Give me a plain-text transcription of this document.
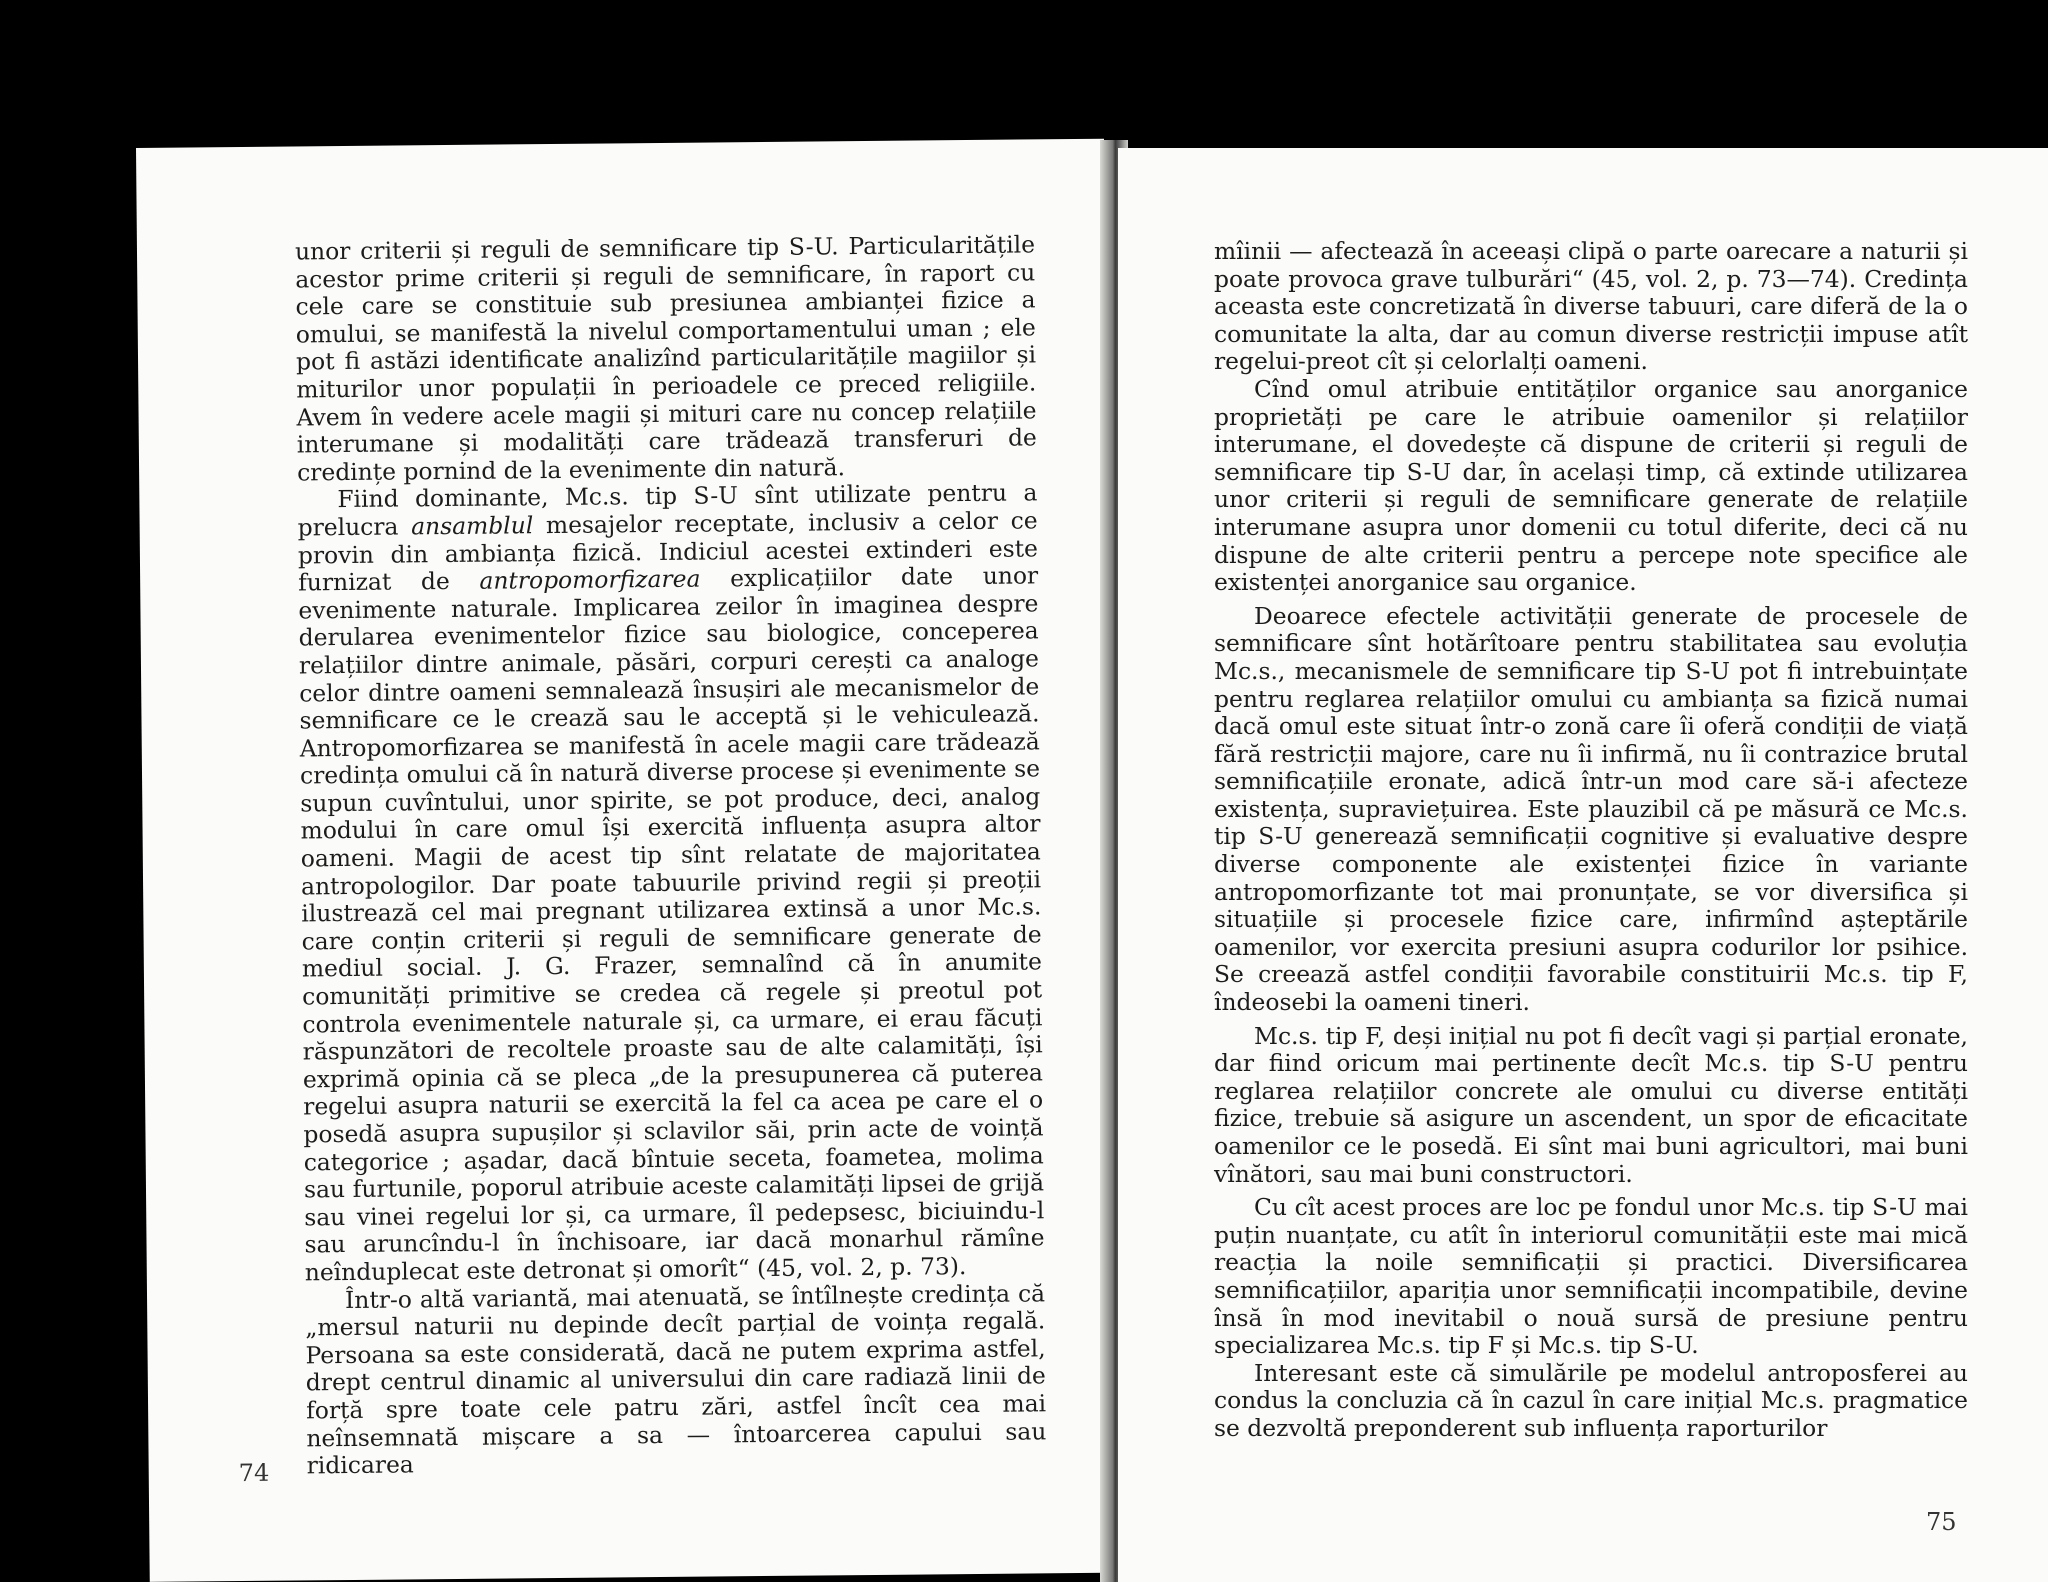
unor criterii și reguli de semnificare tip S-U. Particularitățile acestor prime criterii și reguli de semnificare, în raport cu cele care se constituie sub presiunea ambianței fizice a omului, se manifestă la nivelul comportamentului uman ; ele pot fi astăzi identificate analizînd particularitățile magiilor și miturilor unor populații în perioadele ce preced religiile. Avem în vedere acele magii și mituri care nu concep relațiile interumane și modalități care trădează transferuri de credințe pornind de la evenimente din natură.

Fiind dominante, Mc.s. tip S-U sînt utilizate pentru a prelucra ansamblul mesajelor receptate, inclusiv a celor ce provin din ambianța fizică. Indiciul acestei extinderi este furnizat de antropomorfizarea explicațiilor date unor evenimente naturale. Implicarea zeilor în imaginea despre derularea evenimentelor fizice sau biologice, conceperea relațiilor dintre animale, păsări, corpuri cerești ca analoge celor dintre oameni semnalează însușiri ale mecanismelor de semnificare ce le crează sau le acceptă și le vehiculează. Antropomorfizarea se manifestă în acele magii care trădează credința omului că în natură diverse procese și evenimente se supun cuvîntului, unor spirite, se pot produce, deci, analog modului în care omul își exercită influența asupra altor oameni. Magii de acest tip sînt relatate de majoritatea antropologilor. Dar poate tabuurile privind regii și preoții ilustrează cel mai pregnant utilizarea extinsă a unor Mc.s. care conțin criterii și reguli de semnificare generate de mediul social. J. G. Frazer, semnalînd că în anumite comunități primitive se credea că regele și preotul pot controla evenimentele naturale și, ca urmare, ei erau făcuți răspunzători de recoltele proaste sau de alte calamități, își exprimă opinia că se pleca „de la presupunerea că puterea regelui asupra naturii se exercită la fel ca acea pe care el o posedă asupra supușilor și sclavilor săi, prin acte de voință categorice ; așadar, dacă bîntuie seceta, foametea, molima sau furtunile, poporul atribuie aceste calamități lipsei de grijă sau vinei regelui lor și, ca urmare, îl pedepsesc, biciuindu-l sau aruncîndu-l în închisoare, iar dacă monarhul rămîne neînduplecat este detronat și omorît“ (45, vol. 2, p. 73).

Într-o altă variantă, mai atenuată, se întîlnește credința că „mersul naturii nu depinde decît parțial de voința regală. Persoana sa este considerată, dacă ne putem exprima astfel, drept centrul dinamic al universului din care radiază linii de forță spre toate cele patru zări, astfel încît cea mai neînsemnată mișcare a sa — întoarcerea capului sau ridicarea

74

mîinii — afectează în aceeași clipă o parte oarecare a naturii și poate provoca grave tulburări“ (45, vol. 2, p. 73—74). Credința aceasta este concretizată în diverse tabuuri, care diferă de la o comunitate la alta, dar au comun diverse restricții impuse atît regelui-preot cît și celorlalți oameni.

Cînd omul atribuie entităților organice sau anorganice proprietăți pe care le atribuie oamenilor și relațiilor interumane, el dovedește că dispune de criterii și reguli de semnificare tip S-U dar, în același timp, că extinde utilizarea unor criterii și reguli de semnificare generate de relațiile interumane asupra unor domenii cu totul diferite, deci că nu dispune de alte criterii pentru a percepe note specifice ale existenței anorganice sau organice.

Deoarece efectele activității generate de procesele de semnificare sînt hotărîtoare pentru stabilitatea sau evoluția Mc.s., mecanismele de semnificare tip S-U pot fi intrebuințate pentru reglarea relațiilor omului cu ambianța sa fizică numai dacă omul este situat într-o zonă care îi oferă condiții de viață fără restricții majore, care nu îi infirmă, nu îi contrazice brutal semnificațiile eronate, adică într-un mod care să-i afecteze existența, supraviețuirea. Este plauzibil că pe măsură ce Mc.s. tip S-U generează semnificații cognitive și evaluative despre diverse componente ale existenței fizice în variante antropomorfizante tot mai pronunțate, se vor diversifica și situațiile și procesele fizice care, infirmînd așteptările oamenilor, vor exercita presiuni asupra codurilor lor psihice. Se creează astfel condiții favorabile constituirii Mc.s. tip F, îndeosebi la oameni tineri.

Mc.s. tip F, deși inițial nu pot fi decît vagi și parțial eronate, dar fiind oricum mai pertinente decît Mc.s. tip S-U pentru reglarea relațiilor concrete ale omului cu diverse entități fizice, trebuie să asigure un ascendent, un spor de eficacitate oamenilor ce le posedă. Ei sînt mai buni agricultori, mai buni vînători, sau mai buni constructori.

Cu cît acest proces are loc pe fondul unor Mc.s. tip S-U mai puțin nuanțate, cu atît în interiorul comunității este mai mică reacția la noile semnificații și practici. Diversificarea semnificațiilor, apariția unor semnificații incompatibile, devine însă în mod inevitabil o nouă sursă de presiune pentru specializarea Mc.s. tip F și Mc.s. tip S-U.

Interesant este că simulările pe modelul antroposferei au condus la concluzia că în cazul în care inițial Mc.s. pragmatice se dezvoltă preponderent sub influența raporturilor

75
